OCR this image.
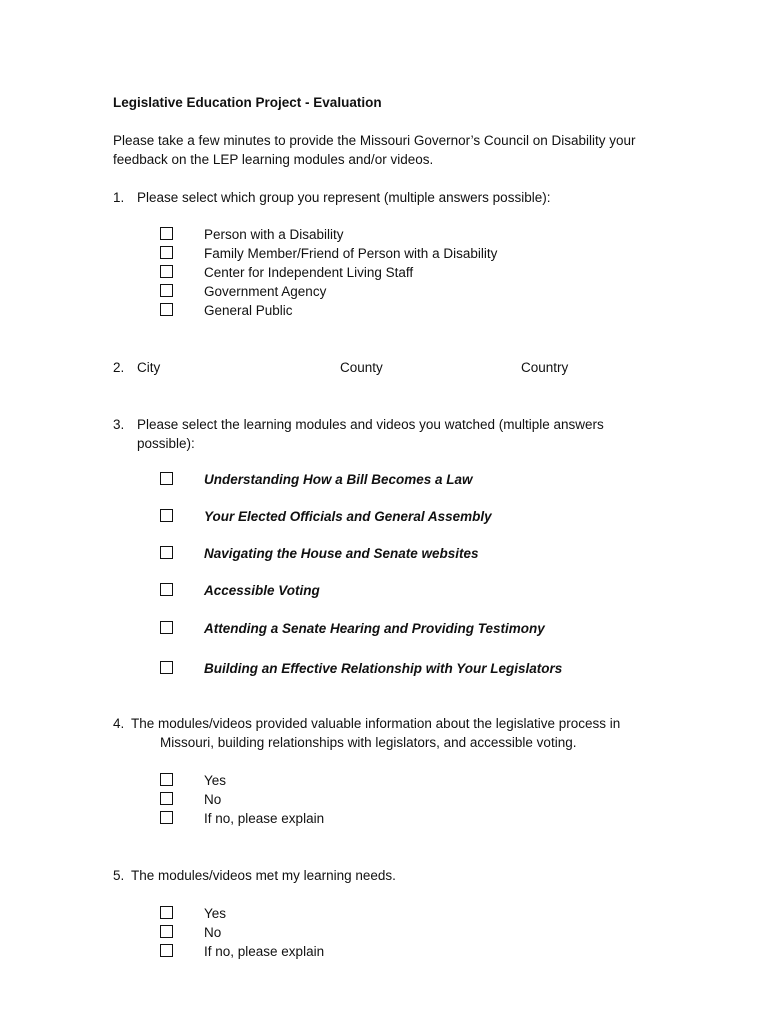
Legislative Education Project - Evaluation
Please take a few minutes to provide the Missouri Governor’s Council on Disability your
feedback on the LEP learning modules and/or videos.
1. Please select which group you represent (multiple answers possible):
Person with a Disability
Family Member/Friend of Person with a Disability
Center for Independent Living Staff
Government Agency
General Public
2. City	County	Country
3. Please select the learning modules and videos you watched (multiple answers
possible):
Understanding How a Bill Becomes a Law
Your Elected Officials and General Assembly
Navigating the House and Senate websites
Accessible Voting
Attending a Senate Hearing and Providing Testimony
Building an Effective Relationship with Your Legislators
4. The modules/videos provided valuable information about the legislative process in
Missouri, building relationships with legislators, and accessible voting.
Yes
No
If no, please explain
5. The modules/videos met my learning needs.
Yes
No
If no, please explain
